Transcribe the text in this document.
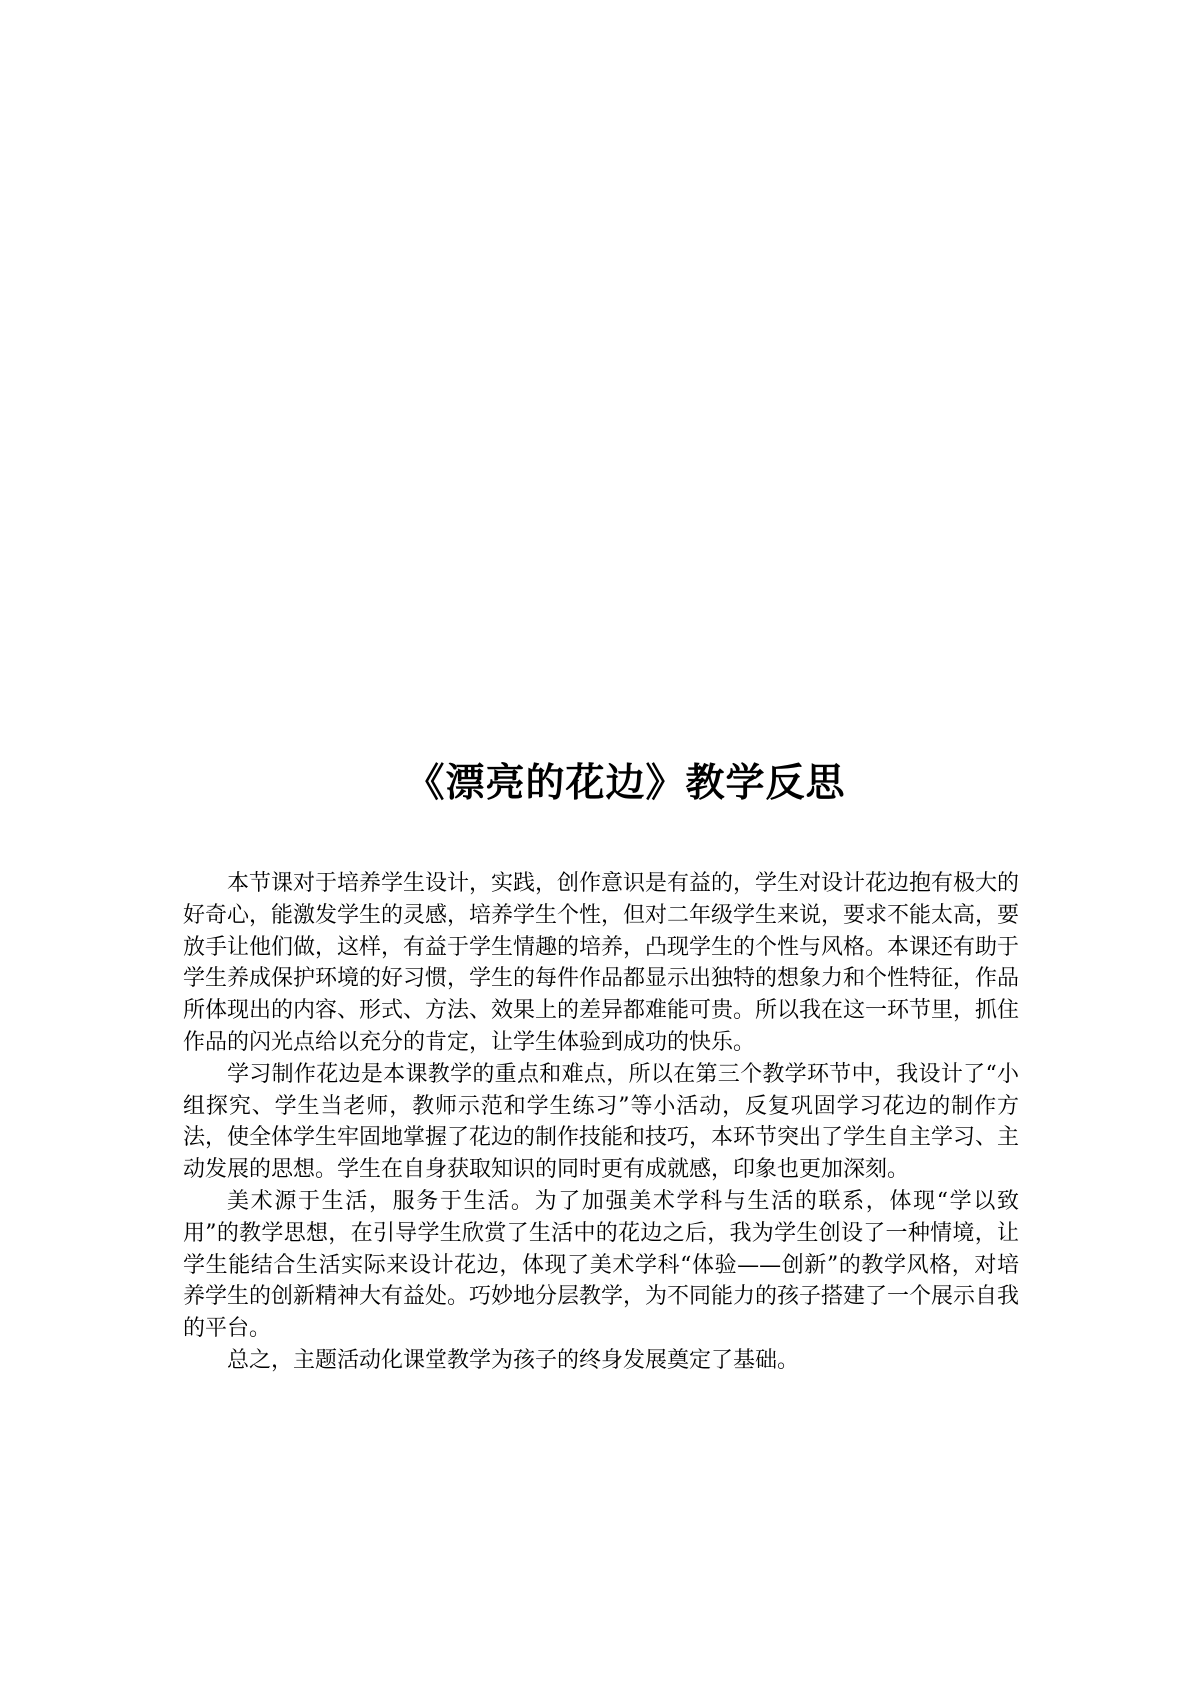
《漂亮的花边》教学反思

本节课对于培养学生设计，实践，创作意识是有益的，学生对设计花边抱有极大的好奇心，能激发学生的灵感，培养学生个性，但对二年级学生来说，要求不能太高，要放手让他们做，这样，有益于学生情趣的培养，凸现学生的个性与风格。本课还有助于学生养成保护环境的好习惯，学生的每件作品都显示出独特的想象力和个性特征，作品所体现出的内容、形式、方法、效果上的差异都难能可贵。所以我在这一环节里，抓住作品的闪光点给以充分的肯定，让学生体验到成功的快乐。

学习制作花边是本课教学的重点和难点，所以在第三个教学环节中，我设计了“小组探究、学生当老师，教师示范和学生练习”等小活动，反复巩固学习花边的制作方法，使全体学生牢固地掌握了花边的制作技能和技巧，本环节突出了学生自主学习、主动发展的思想。学生在自身获取知识的同时更有成就感，印象也更加深刻。

美术源于生活，服务于生活。为了加强美术学科与生活的联系，体现“学以致用”的教学思想，在引导学生欣赏了生活中的花边之后，我为学生创设了一种情境，让学生能结合生活实际来设计花边，体现了美术学科“体验——创新”的教学风格，对培养学生的创新精神大有益处。巧妙地分层教学，为不同能力的孩子搭建了一个展示自我的平台。

总之，主题活动化课堂教学为孩子的终身发展奠定了基础。
